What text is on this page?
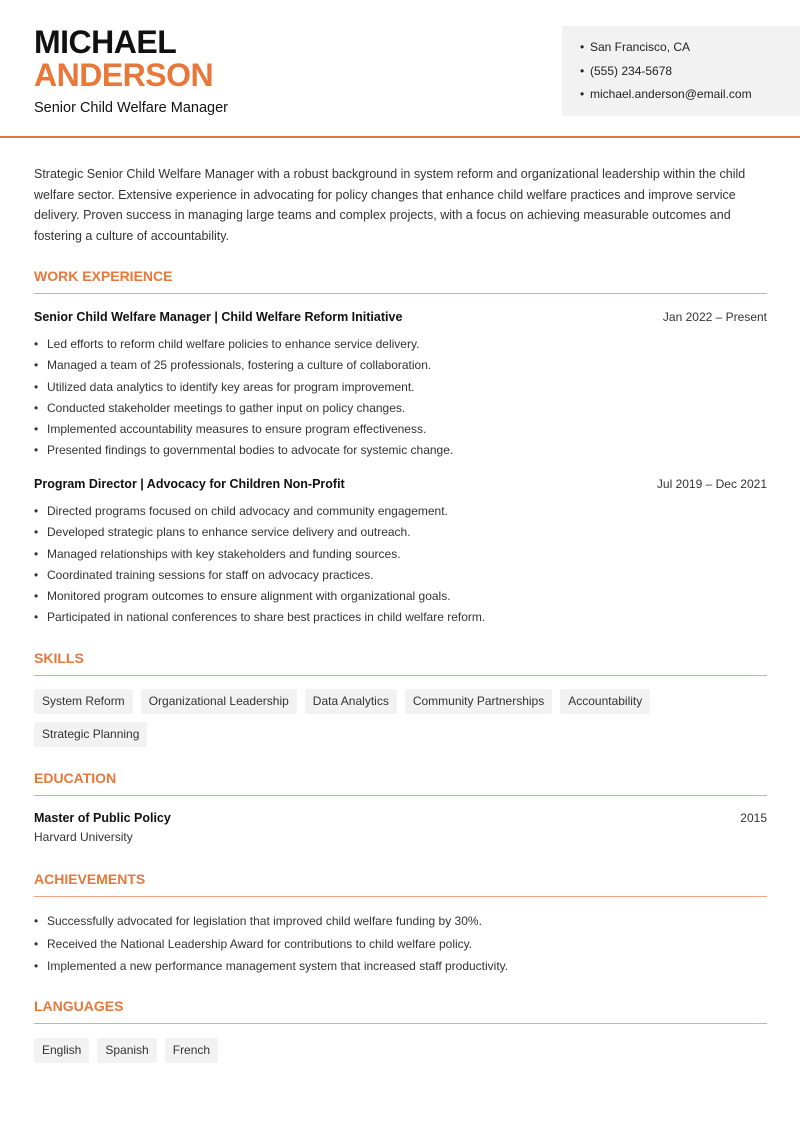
MICHAEL
ANDERSON
Senior Child Welfare Manager
• San Francisco, CA
• (555) 234-5678
• michael.anderson@email.com

Strategic Senior Child Welfare Manager with a robust background in system reform and organizational leadership within the child welfare sector. Extensive experience in advocating for policy changes that enhance child welfare practices and improve service delivery. Proven success in managing large teams and complex projects, with a focus on achieving measurable outcomes and fostering a culture of accountability.

WORK EXPERIENCE
Senior Child Welfare Manager | Child Welfare Reform Initiative	Jan 2022 – Present
• Led efforts to reform child welfare policies to enhance service delivery.
• Managed a team of 25 professionals, fostering a culture of collaboration.
• Utilized data analytics to identify key areas for program improvement.
• Conducted stakeholder meetings to gather input on policy changes.
• Implemented accountability measures to ensure program effectiveness.
• Presented findings to governmental bodies to advocate for systemic change.
Program Director | Advocacy for Children Non-Profit	Jul 2019 – Dec 2021
• Directed programs focused on child advocacy and community engagement.
• Developed strategic plans to enhance service delivery and outreach.
• Managed relationships with key stakeholders and funding sources.
• Coordinated training sessions for staff on advocacy practices.
• Monitored program outcomes to ensure alignment with organizational goals.
• Participated in national conferences to share best practices in child welfare reform.
SKILLS
System Reform	Organizational Leadership	Data Analytics	Community Partnerships	Accountability
Strategic Planning
EDUCATION
Master of Public Policy	2015
Harvard University
ACHIEVEMENTS
• Successfully advocated for legislation that improved child welfare funding by 30%.
• Received the National Leadership Award for contributions to child welfare policy.
• Implemented a new performance management system that increased staff productivity.
LANGUAGES
English	Spanish	French
